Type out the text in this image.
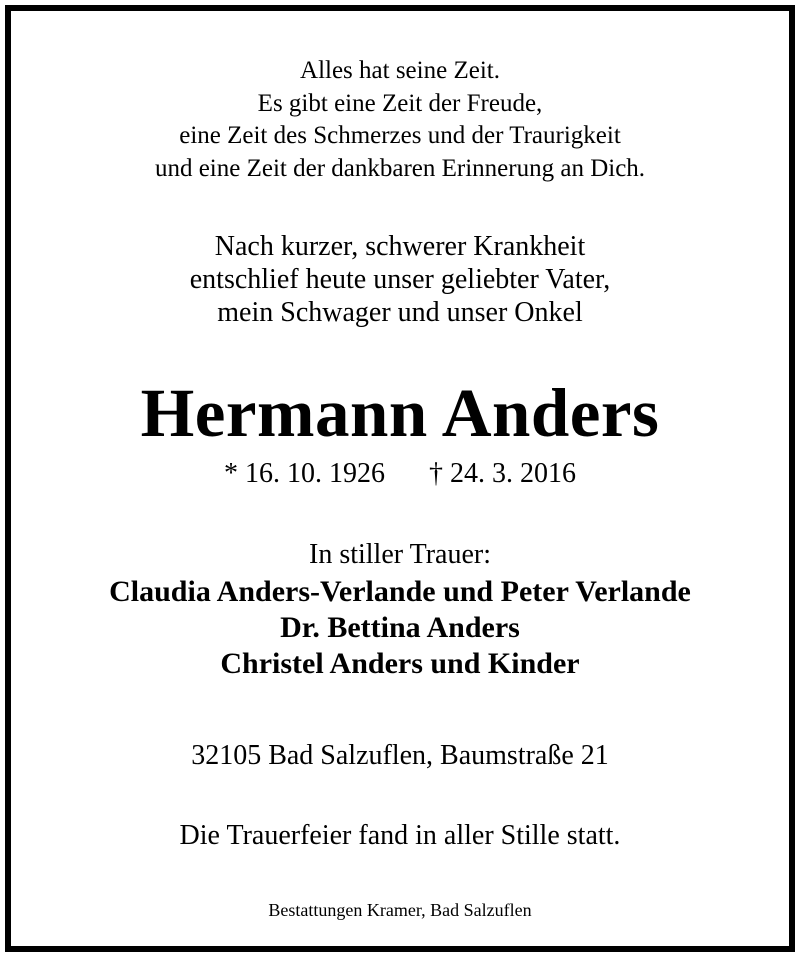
Alles hat seine Zeit.
Es gibt eine Zeit der Freude,
eine Zeit des Schmerzes und der Traurigkeit
und eine Zeit der dankbaren Erinnerung an Dich.
Nach kurzer, schwerer Krankheit
entschlief heute unser geliebter Vater,
mein Schwager und unser Onkel
Hermann Anders
* 16. 10. 1926 † 24. 3. 2016
In stiller Trauer:
Claudia Anders-Verlande und Peter Verlande
Dr. Bettina Anders
Christel Anders und Kinder
32105 Bad Salzuflen, Baumstraße 21
Die Trauerfeier fand in aller Stille statt.
Bestattungen Kramer, Bad Salzuflen
